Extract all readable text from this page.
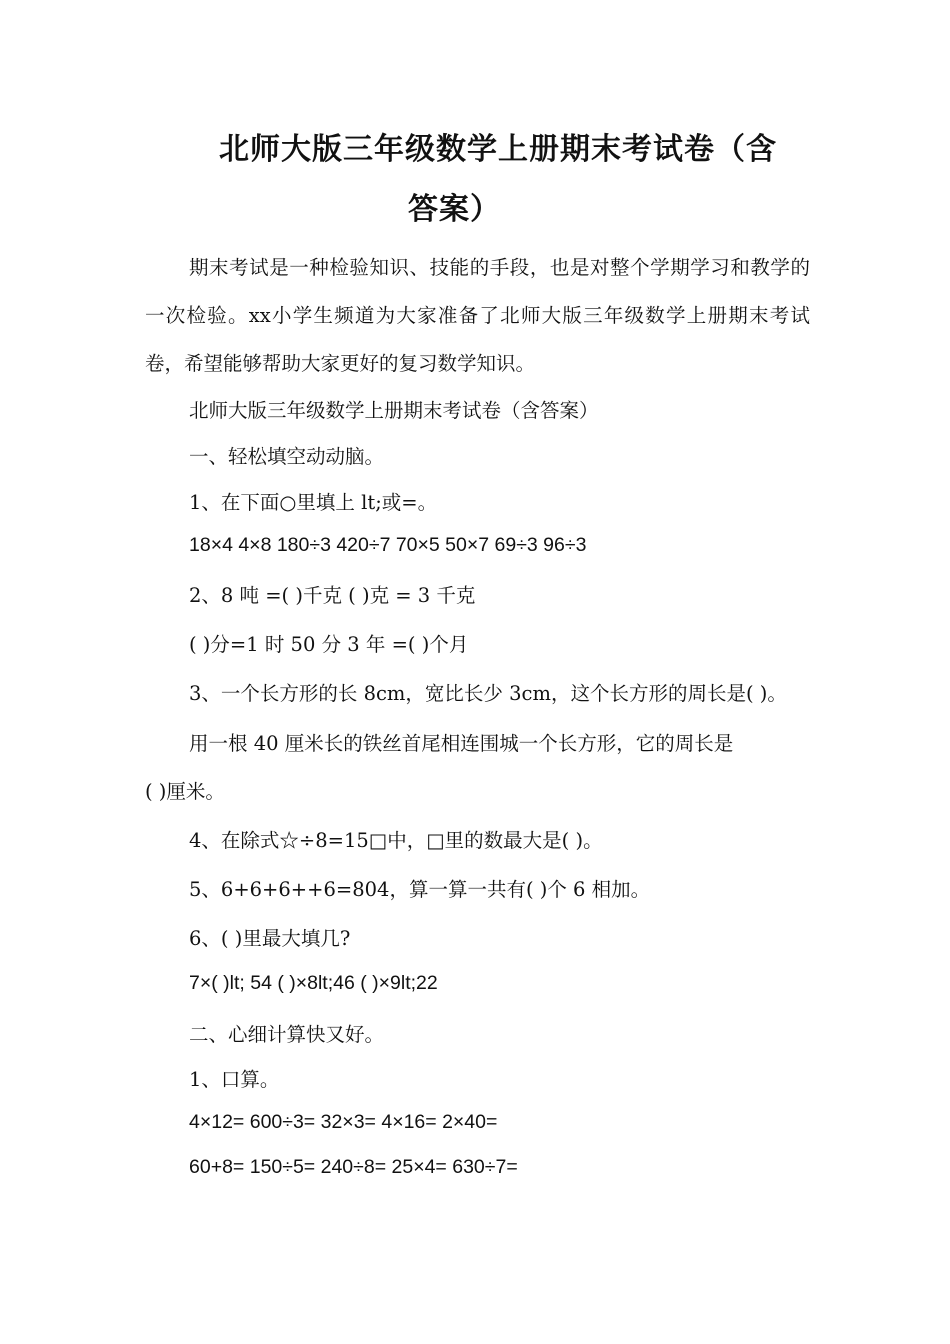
北师大版三年级数学上册期末考试卷（含
答案）

期末考试是一种检验知识、技能的手段，也是对整个学期学习和教学的一次检验。xx小学生频道为大家准备了北师大版三年级数学上册期末考试卷，希望能够帮助大家更好的复习数学知识。

北师大版三年级数学上册期末考试卷（含答案）

一、轻松填空动动脑。

1、在下面○里填上 lt;或=。

18×4 4×8 180÷3 420÷7 70×5 50×7 69÷3 96÷3

2、8 吨 =( )千克 ( )克 = 3 千克

( )分=1 时 50 分 3 年 =( )个月

3、一个长方形的长 8cm，宽比长少 3cm，这个长方形的周长是( )。

用一根 40 厘米长的铁丝首尾相连围城一个长方形，它的周长是

( )厘米。

4、在除式☆÷8=15□中，□里的数最大是( )。

5、6+6+6++6=804，算一算一共有( )个 6 相加。

6、( )里最大填几?

7×( )lt; 54 ( )×8lt;46 ( )×9lt;22

二、心细计算快又好。

1、口算。

4×12= 600÷3= 32×3= 4×16= 2×40=

60+8= 150÷5= 240÷8= 25×4= 630÷7=
